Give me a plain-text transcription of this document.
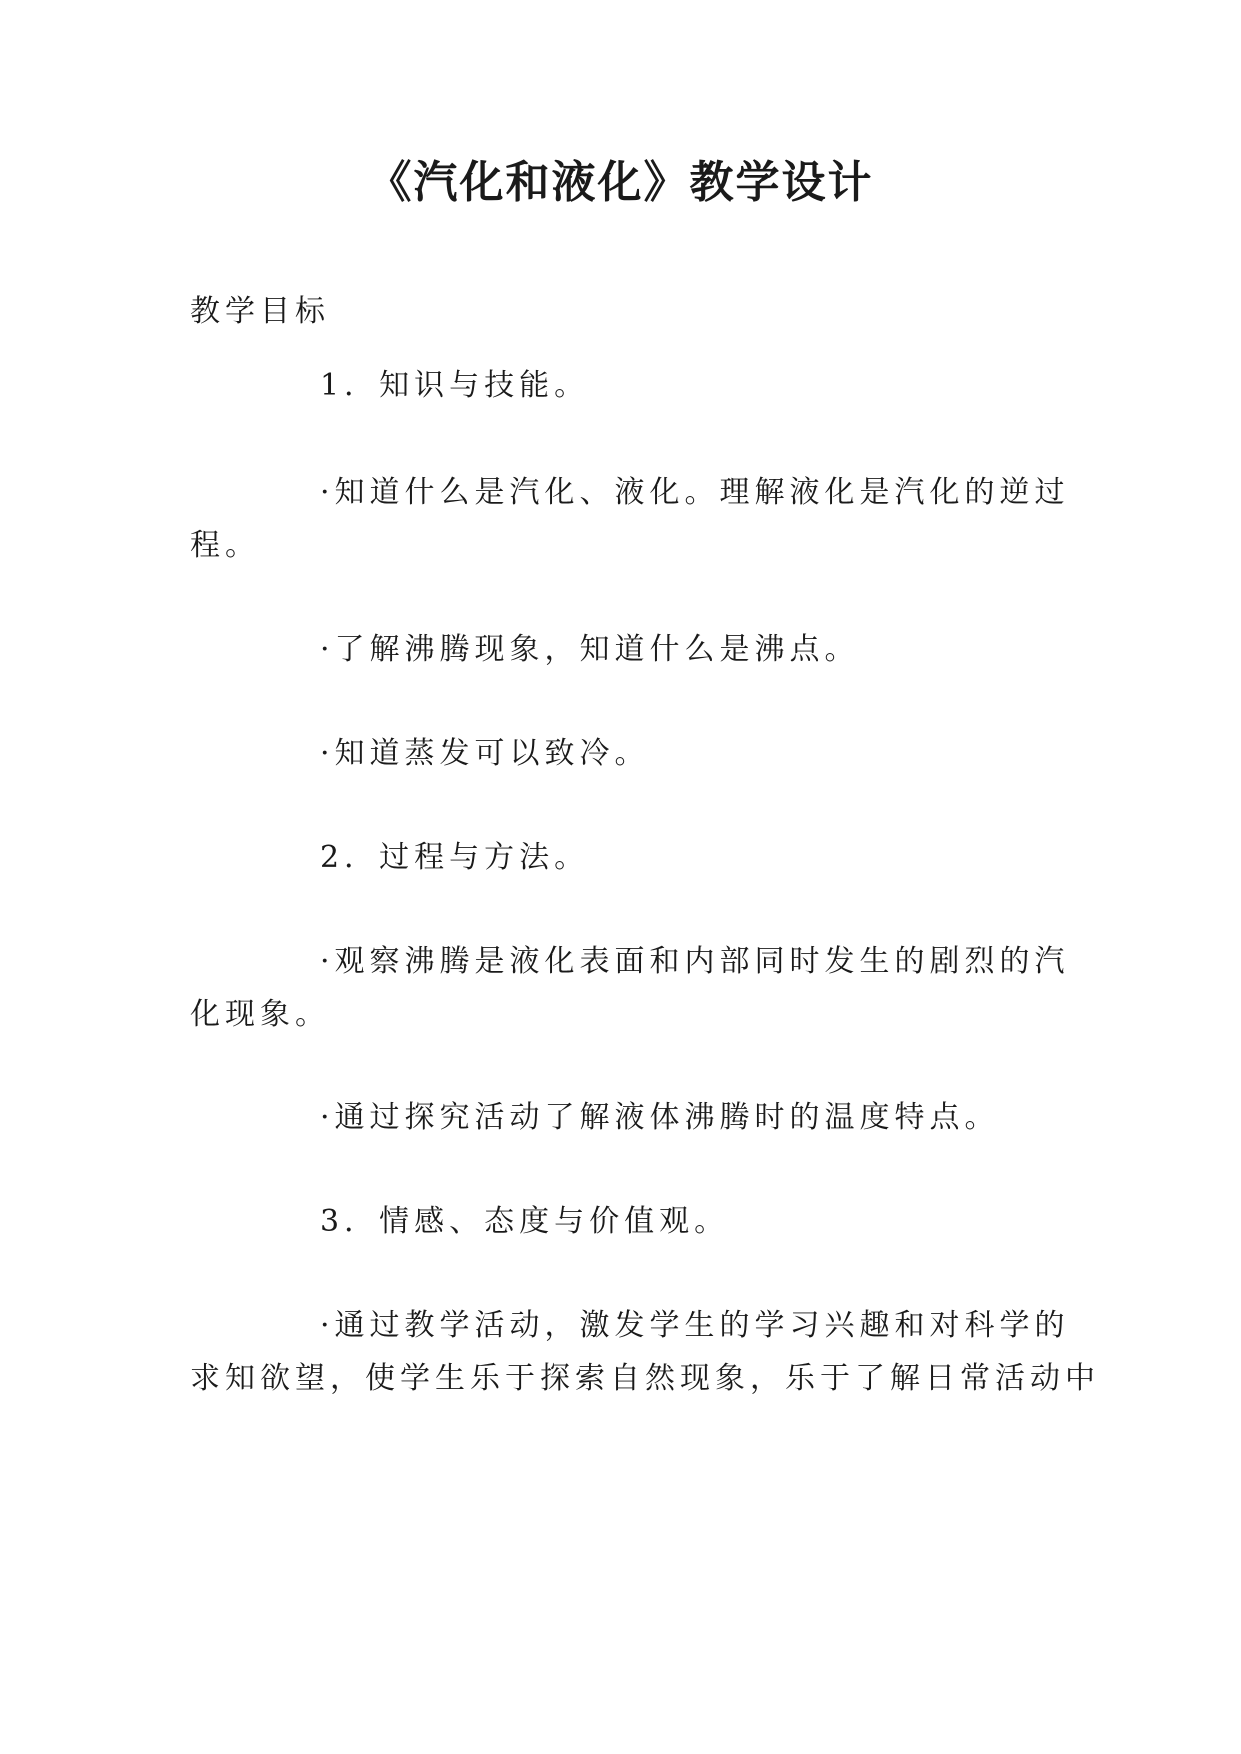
《汽化和液化》教学设计
教学目标
1．知识与技能。
·知道什么是汽化、液化。理解液化是汽化的逆过
程。
·了解沸腾现象，知道什么是沸点。
·知道蒸发可以致冷。
2．过程与方法。
·观察沸腾是液化表面和内部同时发生的剧烈的汽
化现象。
·通过探究活动了解液体沸腾时的温度特点。
3．情感、态度与价值观。
·通过教学活动，激发学生的学习兴趣和对科学的
求知欲望，使学生乐于探索自然现象，乐于了解日常活动中
